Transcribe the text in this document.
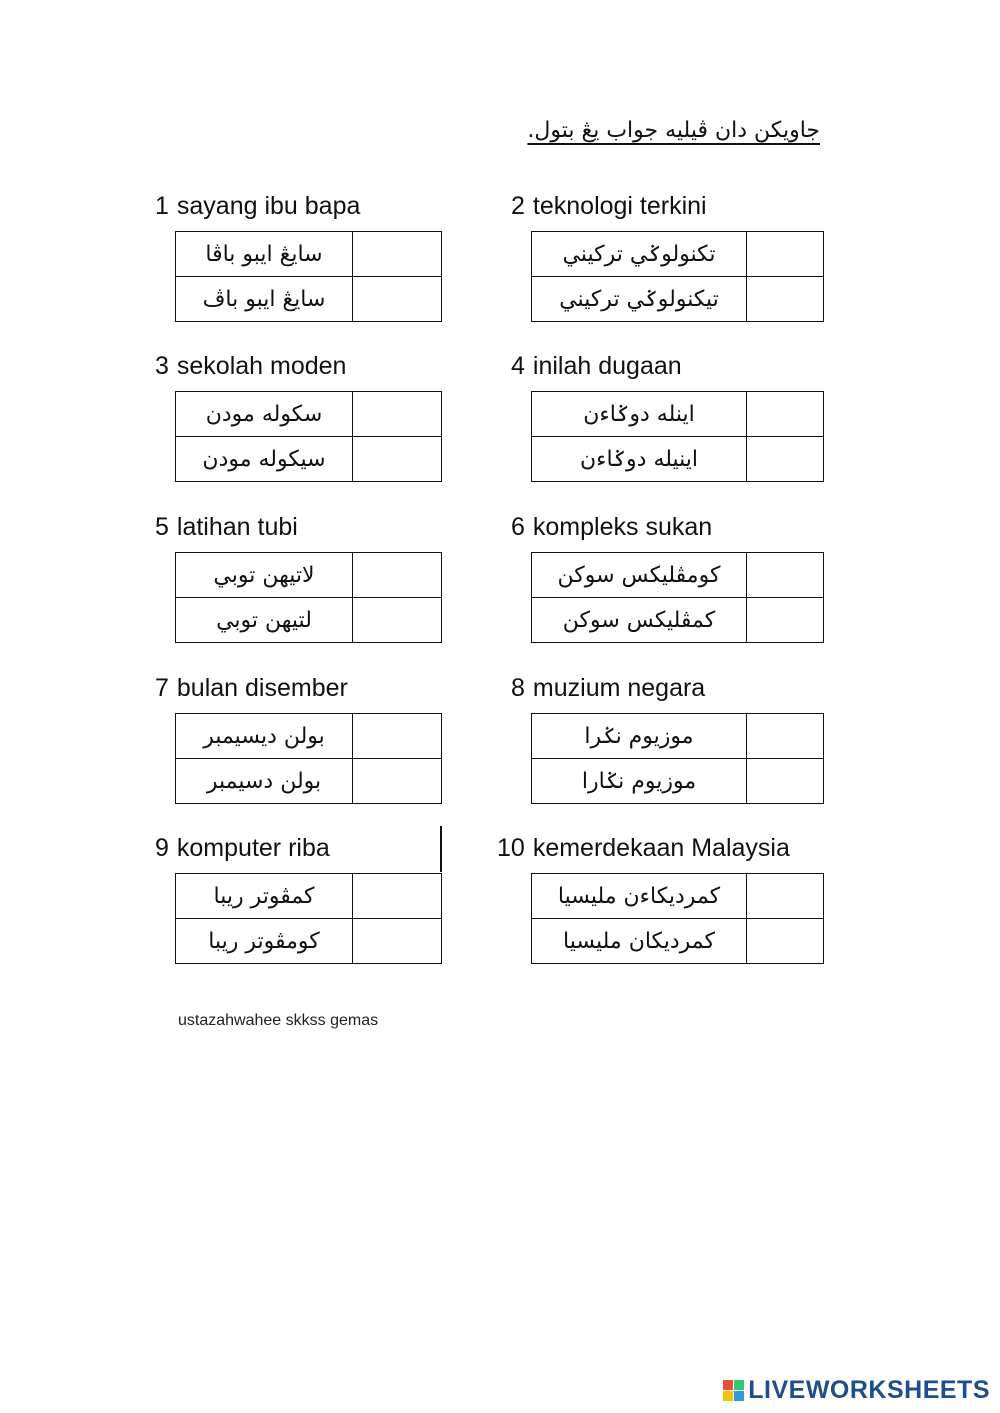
جاويکن دان ڤيليه جواب يڠ بتول.
1 sayang ibu bapa
سايڠ ايبو باڤا	
سايڠ ايبو باڤ	
2 teknologi terkini
تکنولوݢي ترکيني	
تيکنولوݢي ترکيني	
3 sekolah moden
سکوله مودن	
سيکوله مودن	
4 inilah dugaan
اينله دوݢاءن	
اينيله دوݢاءن	
5 latihan tubi
لاتيهن توبي	
لتيهن توبي	
6 kompleks sukan
کومڤليکس سوکن	
کمڤليکس سوکن	
7 bulan disember
بولن ديسيمبر	
بولن دسيمبر	
8 muzium negara
موزيوم نݢرا	
موزيوم نݢارا	
9 komputer riba
کمڤوتر ريبا	
کومڤوتر ريبا	
10 kemerdekaan Malaysia
کمرديکاءن مليسيا	
کمرديکان مليسيا	
ustazahwahee skkss gemas
LIVEWORKSHEETS
